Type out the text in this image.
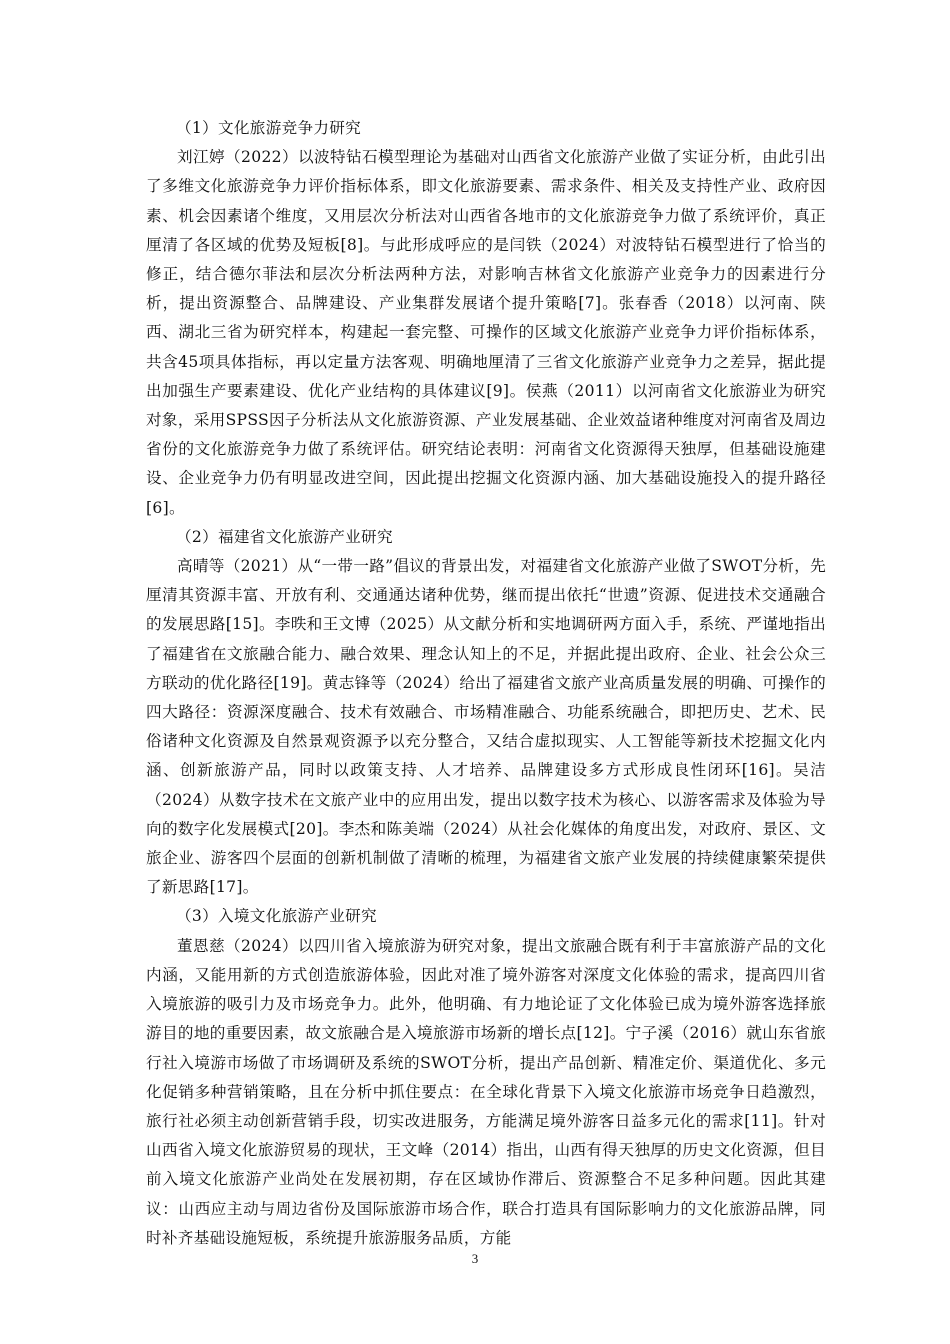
（1）文化旅游竞争力研究

刘江婷（2022）以波特钻石模型理论为基础对山西省文化旅游产业做了实证分析，由此引出了多维文化旅游竞争力评价指标体系，即文化旅游要素、需求条件、相关及支持性产业、政府因素、机会因素诸个维度，又用层次分析法对山西省各地市的文化旅游竞争力做了系统评价，真正厘清了各区域的优势及短板[8]。与此形成呼应的是闫铁（2024）对波特钻石模型进行了恰当的修正，结合德尔菲法和层次分析法两种方法，对影响吉林省文化旅游产业竞争力的因素进行分析，提出资源整合、品牌建设、产业集群发展诸个提升策略[7]。张春香（2018）以河南、陕西、湖北三省为研究样本，构建起一套完整、可操作的区域文化旅游产业竞争力评价指标体系，共含45项具体指标，再以定量方法客观、明确地厘清了三省文化旅游产业竞争力之差异，据此提出加强生产要素建设、优化产业结构的具体建议[9]。侯燕（2011）以河南省文化旅游业为研究对象，采用SPSS因子分析法从文化旅游资源、产业发展基础、企业效益诸种维度对河南省及周边省份的文化旅游竞争力做了系统评估。研究结论表明：河南省文化资源得天独厚，但基础设施建设、企业竞争力仍有明显改进空间，因此提出挖掘文化资源内涵、加大基础设施投入的提升路径[6]。

（2）福建省文化旅游产业研究

高晴等（2021）从“一带一路”倡议的背景出发，对福建省文化旅游产业做了SWOT分析，先厘清其资源丰富、开放有利、交通通达诸种优势，继而提出依托“世遗”资源、促进技术交通融合的发展思路[15]。李昳和王文博（2025）从文献分析和实地调研两方面入手，系统、严谨地指出了福建省在文旅融合能力、融合效果、理念认知上的不足，并据此提出政府、企业、社会公众三方联动的优化路径[19]。黄志锋等（2024）给出了福建省文旅产业高质量发展的明确、可操作的四大路径：资源深度融合、技术有效融合、市场精准融合、功能系统融合，即把历史、艺术、民俗诸种文化资源及自然景观资源予以充分整合，又结合虚拟现实、人工智能等新技术挖掘文化内涵、创新旅游产品，同时以政策支持、人才培养、品牌建设多方式形成良性闭环[16]。吴洁（2024）从数字技术在文旅产业中的应用出发，提出以数字技术为核心、以游客需求及体验为导向的数字化发展模式[20]。李杰和陈美端（2024）从社会化媒体的角度出发，对政府、景区、文旅企业、游客四个层面的创新机制做了清晰的梳理，为福建省文旅产业发展的持续健康繁荣提供了新思路[17]。

（3）入境文化旅游产业研究

董恩慈（2024）以四川省入境旅游为研究对象，提出文旅融合既有利于丰富旅游产品的文化内涵，又能用新的方式创造旅游体验，因此对准了境外游客对深度文化体验的需求，提高四川省入境旅游的吸引力及市场竞争力。此外，他明确、有力地论证了文化体验已成为境外游客选择旅游目的地的重要因素，故文旅融合是入境旅游市场新的增长点[12]。宁子溪（2016）就山东省旅行社入境游市场做了市场调研及系统的SWOT分析，提出产品创新、精准定价、渠道优化、多元化促销多种营销策略，且在分析中抓住要点：在全球化背景下入境文化旅游市场竞争日趋激烈，旅行社必须主动创新营销手段，切实改进服务，方能满足境外游客日益多元化的需求[11]。针对山西省入境文化旅游贸易的现状，王文峰（2014）指出，山西有得天独厚的历史文化资源，但目前入境文化旅游产业尚处在发展初期，存在区域协作滞后、资源整合不足多种问题。因此其建议：山西应主动与周边省份及国际旅游市场合作，联合打造具有国际影响力的文化旅游品牌，同时补齐基础设施短板，系统提升旅游服务品质，方能

3
